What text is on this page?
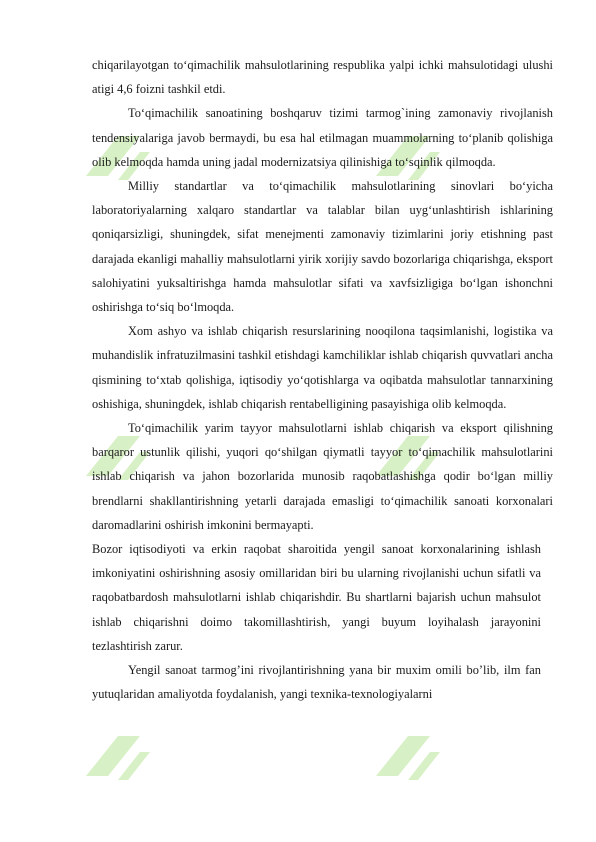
chiqarilayotgan to‘qimachilik mahsulotlarining respublika yalpi ichki mahsulotidagi ulushi atigi 4,6 foizni tashkil etdi.

To‘qimachilik sanoatining boshqaruv tizimi tarmog`ining zamonaviy rivojlanish tendensiyalariga javob bermaydi, bu esa hal etilmagan muammolarning to‘planib qolishiga olib kelmoqda hamda uning jadal modernizatsiya qilinishiga to‘sqinlik qilmoqda.

Milliy standartlar va to‘qimachilik mahsulotlarining sinovlari bo‘yicha laboratoriyalarning xalqaro standartlar va talablar bilan uyg‘unlashtirish ishlarining qoniqarsizligi, shuningdek, sifat menejmenti zamonaviy tizimlarini joriy etishning past darajada ekanligi mahalliy mahsulotlarni yirik xorijiy savdo bozorlariga chiqarishga, eksport salohiyatini yuksaltirishga hamda mahsulotlar sifati va xavfsizligiga bo‘lgan ishonchni oshirishga to‘siq bo‘lmoqda.

Xom ashyo va ishlab chiqarish resurslarining nooqilona taqsimlanishi, logistika va muhandislik infratuzilmasini tashkil etishdagi kamchiliklar ishlab chiqarish quvvatlari ancha qismining to‘xtab qolishiga, iqtisodiy yo‘qotishlarga va oqibatda mahsulotlar tannarxining oshishiga, shuningdek, ishlab chiqarish rentabelligining pasayishiga olib kelmoqda.

To‘qimachilik yarim tayyor mahsulotlarni ishlab chiqarish va eksport qilishning barqaror ustunlik qilishi, yuqori qo‘shilgan qiymatli tayyor to‘qimachilik mahsulotlarini ishlab chiqarish va jahon bozorlarida munosib raqobatlashishga qodir bo‘lgan milliy brendlarni shakllantirishning yetarli darajada emasligi to‘qimachilik sanoati korxonalari daromadlarini oshirish imkonini bermayapti.

Bozor iqtisodiyoti va erkin raqobat sharoitida yengil sanoat korxonalarining ishlash imkoniyatini oshirishning asosiy omillaridan biri bu ularning rivojlanishi uchun sifatli va raqobatbardosh mahsulotlarni ishlab chiqarishdir. Bu shartlarni bajarish uchun mahsulot ishlab chiqarishni doimo takomillashtirish, yangi buyum loyihalash jarayonini tezlashtirish zarur.

Yengil sanoat tarmog’ini rivojlantirishning yana bir muxim omili bo’lib, ilm fan yutuqlaridan amaliyotda foydalanish, yangi texnika-texnologiyalarni
